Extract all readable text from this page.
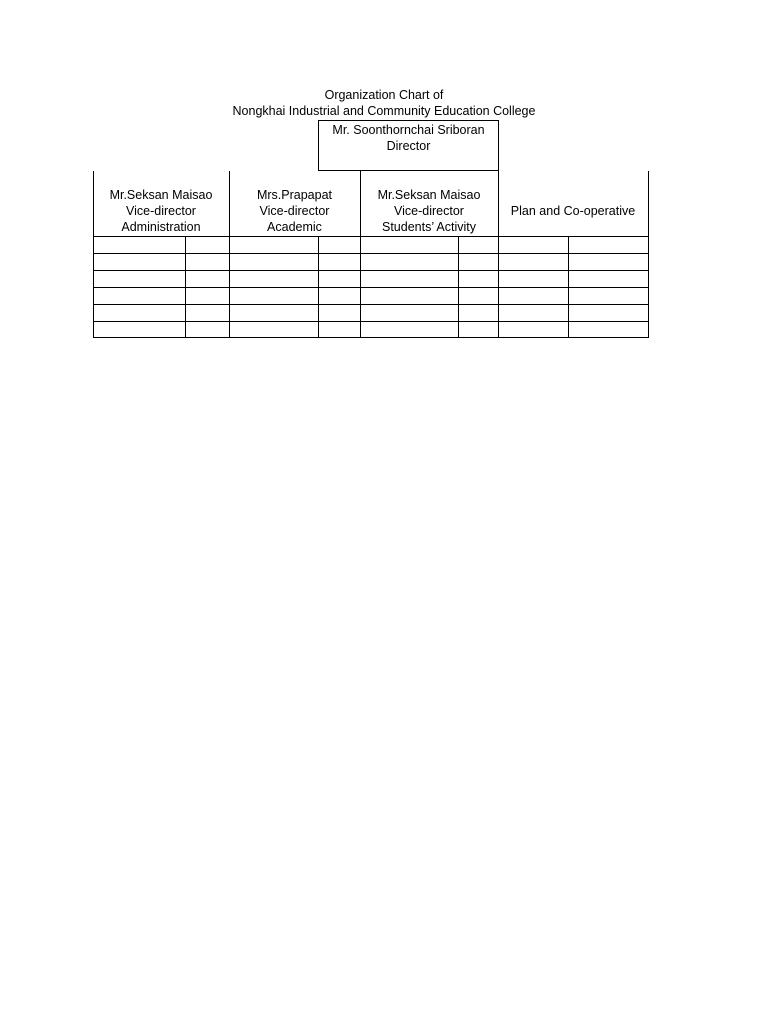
Organization Chart of
Nongkhai Industrial and Community Education College
Mr. Soonthornchai Sriboran
Director
Mr.Seksan Maisao
Vice-director
Administration
Mrs.Prapapat
Vice-director
Academic
Mr.Seksan Maisao
Vice-director
Students’ Activity
Plan and Co-operative
